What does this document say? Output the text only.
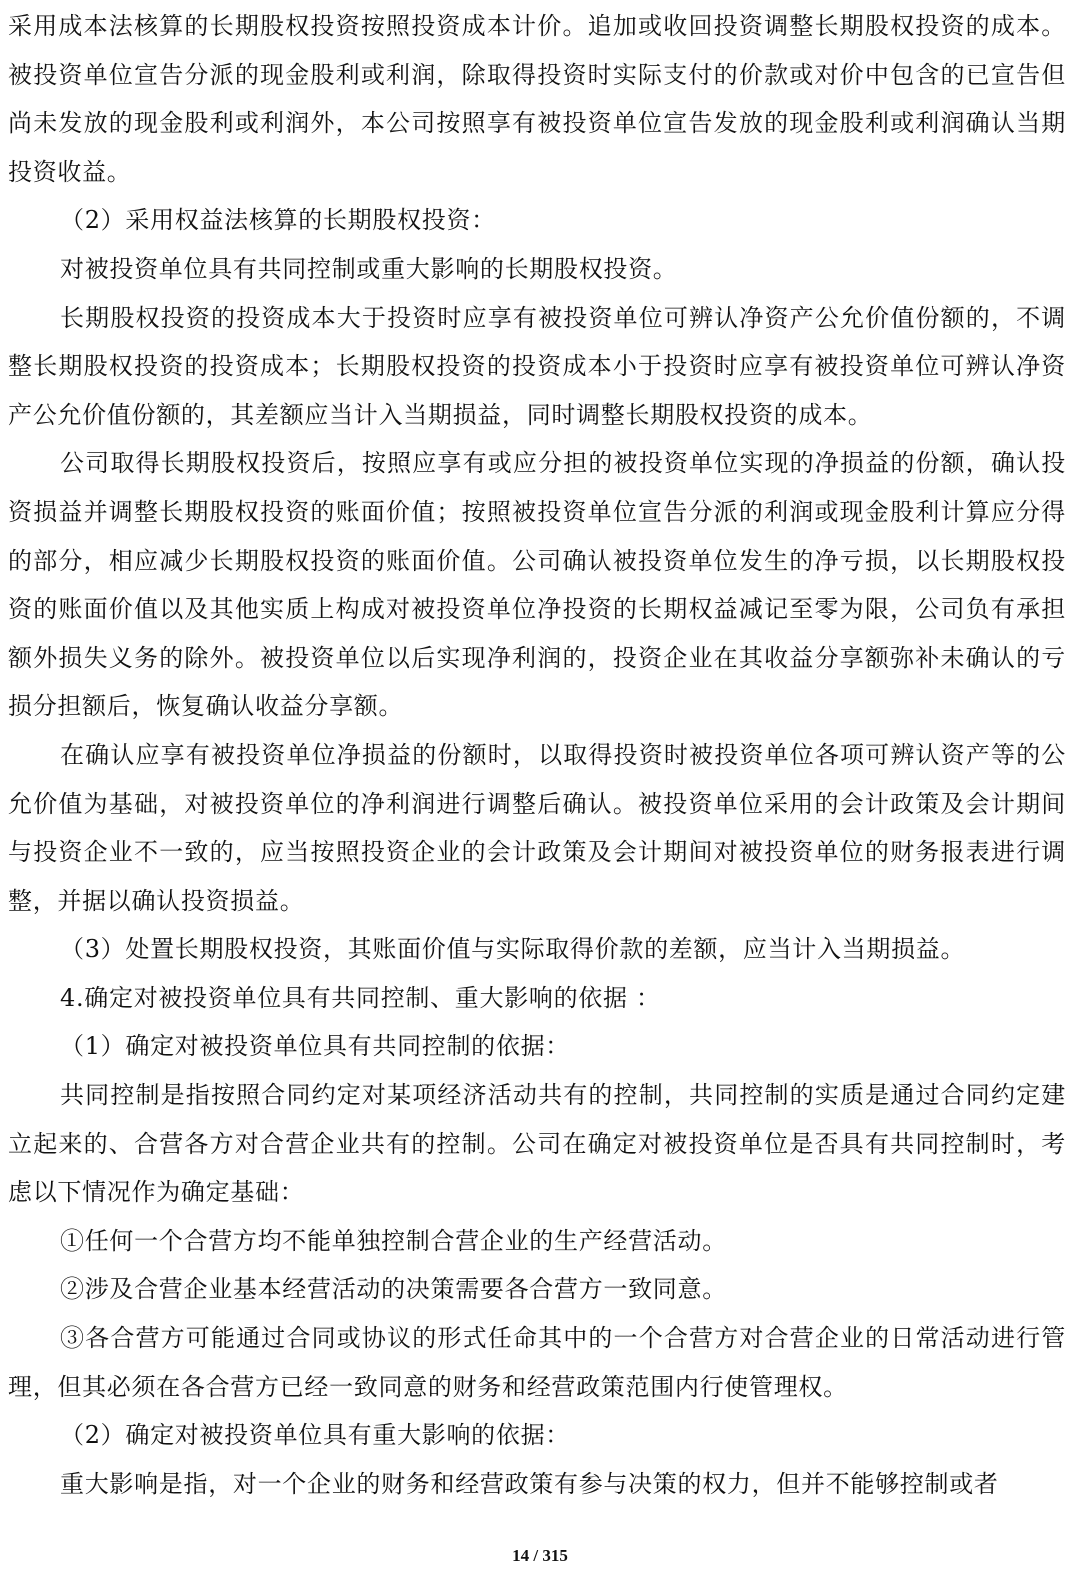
采用成本法核算的长期股权投资按照投资成本计价。追加或收回投资调整长期股权投资的成本。被投资单位宣告分派的现金股利或利润，除取得投资时实际支付的价款或对价中包含的已宣告但尚未发放的现金股利或利润外，本公司按照享有被投资单位宣告发放的现金股利或利润确认当期投资收益。

（2）采用权益法核算的长期股权投资：

对被投资单位具有共同控制或重大影响的长期股权投资。

长期股权投资的投资成本大于投资时应享有被投资单位可辨认净资产公允价值份额的，不调整长期股权投资的投资成本；长期股权投资的投资成本小于投资时应享有被投资单位可辨认净资产公允价值份额的，其差额应当计入当期损益，同时调整长期股权投资的成本。

公司取得长期股权投资后，按照应享有或应分担的被投资单位实现的净损益的份额，确认投资损益并调整长期股权投资的账面价值；按照被投资单位宣告分派的利润或现金股利计算应分得的部分，相应减少长期股权投资的账面价值。公司确认被投资单位发生的净亏损，以长期股权投资的账面价值以及其他实质上构成对被投资单位净投资的长期权益减记至零为限，公司负有承担额外损失义务的除外。被投资单位以后实现净利润的，投资企业在其收益分享额弥补未确认的亏损分担额后，恢复确认收益分享额。

在确认应享有被投资单位净损益的份额时，以取得投资时被投资单位各项可辨认资产等的公允价值为基础，对被投资单位的净利润进行调整后确认。被投资单位采用的会计政策及会计期间与投资企业不一致的，应当按照投资企业的会计政策及会计期间对被投资单位的财务报表进行调整，并据以确认投资损益。

（3）处置长期股权投资，其账面价值与实际取得价款的差额，应当计入当期损益。

4.确定对被投资单位具有共同控制、重大影响的依据 ：

（1）确定对被投资单位具有共同控制的依据：

共同控制是指按照合同约定对某项经济活动共有的控制，共同控制的实质是通过合同约定建立起来的、合营各方对合营企业共有的控制。公司在确定对被投资单位是否具有共同控制时，考虑以下情况作为确定基础：

①任何一个合营方均不能单独控制合营企业的生产经营活动。

②涉及合营企业基本经营活动的决策需要各合营方一致同意。

③各合营方可能通过合同或协议的形式任命其中的一个合营方对合营企业的日常活动进行管理，但其必须在各合营方已经一致同意的财务和经营政策范围内行使管理权。

（2）确定对被投资单位具有重大影响的依据：

重大影响是指，对一个企业的财务和经营政策有参与决策的权力，但并不能够控制或者

14 / 315
